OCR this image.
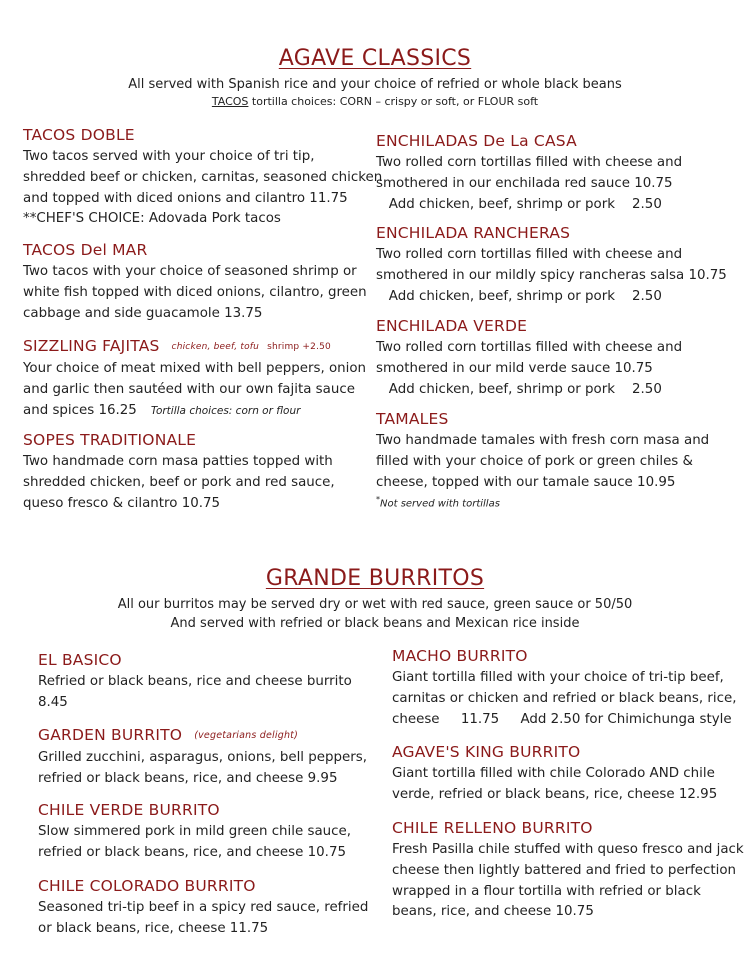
AGAVE CLASSICS
All served with Spanish rice and your choice of refried or whole black beans
TACOS tortilla choices: CORN – crispy or soft, or FLOUR soft
TACOS DOBLE
Two tacos served with your choice of tri tip,
shredded beef or chicken, carnitas, seasoned chicken
and topped with diced onions and cilantro 11.75
**CHEF'S CHOICE: Adovada Pork tacos
TACOS Del MAR
Two tacos with your choice of seasoned shrimp or
white fish topped with diced onions, cilantro, green
cabbage and side guacamole 13.75
SIZZLING FAJITAS chicken, beef, tofu shrimp +2.50
Your choice of meat mixed with bell peppers, onion
and garlic then sautéed with our own fajita sauce
and spices 16.25 Tortilla choices: corn or flour
SOPES TRADITIONALE
Two handmade corn masa patties topped with
shredded chicken, beef or pork and red sauce,
queso fresco & cilantro 10.75
ENCHILADAS De La CASA
Two rolled corn tortillas filled with cheese and
smothered in our enchilada red sauce 10.75
Add chicken, beef, shrimp or pork    2.50
ENCHILADA RANCHERAS
Two rolled corn tortillas filled with cheese and
smothered in our mildly spicy rancheras salsa 10.75
Add chicken, beef, shrimp or pork    2.50
ENCHILADA VERDE
Two rolled corn tortillas filled with cheese and
smothered in our mild verde sauce 10.75
Add chicken, beef, shrimp or pork    2.50
TAMALES
Two handmade tamales with fresh corn masa and
filled with your choice of pork or green chiles &
cheese, topped with our tamale sauce 10.95
*Not served with tortillas
GRANDE BURRITOS
All our burritos may be served dry or wet with red sauce, green sauce or 50/50
And served with refried or black beans and Mexican rice inside
EL BASICO
Refried or black beans, rice and cheese burrito
8.45
GARDEN BURRITO (vegetarians delight)
Grilled zucchini, asparagus, onions, bell peppers,
refried or black beans, rice, and cheese 9.95
CHILE VERDE BURRITO
Slow simmered pork in mild green chile sauce,
refried or black beans, rice, and cheese 10.75
CHILE COLORADO BURRITO
Seasoned tri-tip beef in a spicy red sauce, refried
or black beans, rice, cheese 11.75
MACHO BURRITO
Giant tortilla filled with your choice of tri-tip beef,
carnitas or chicken and refried or black beans, rice,
cheese     11.75     Add 2.50 for Chimichunga style
AGAVE'S KING BURRITO
Giant tortilla filled with chile Colorado AND chile
verde, refried or black beans, rice, cheese 12.95
CHILE RELLENO BURRITO
Fresh Pasilla chile stuffed with queso fresco and jack
cheese then lightly battered and fried to perfection
wrapped in a flour tortilla with refried or black
beans, rice, and cheese 10.75
